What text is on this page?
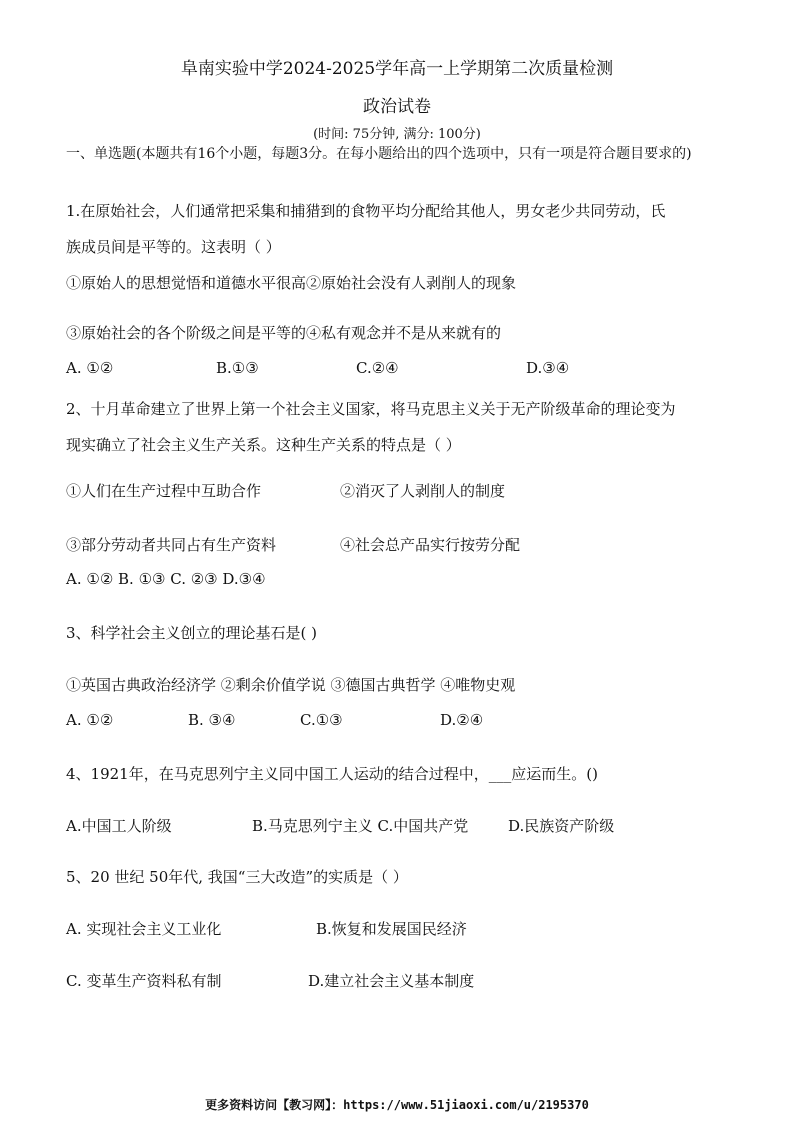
阜南实验中学2024-2025学年高一上学期第二次质量检测
政治试卷
(时间: 75分钟, 满分: 100分)
一、单选题(本题共有16个小题，每题3分。在每小题给出的四个选项中，只有一项是符合题目要求的)
1.在原始社会，人们通常把采集和捕猎到的食物平均分配给其他人，男女老少共同劳动，氏
族成员间是平等的。这表明（ ）
①原始人的思想觉悟和道德水平很高②原始社会没有人剥削人的现象
③原始社会的各个阶级之间是平等的④私有观念并不是从来就有的
A. ①②	B.①③	C.②④	D.③④
2、十月革命建立了世界上第一个社会主义国家，将马克思主义关于无产阶级革命的理论变为
现实确立了社会主义生产关系。这种生产关系的特点是（ ）
①人们在生产过程中互助合作	②消灭了人剥削人的制度
③部分劳动者共同占有生产资料	④社会总产品实行按劳分配
A. ①② B. ①③ C. ②③ D.③④
3、科学社会主义创立的理论基石是( )
①英国古典政治经济学 ②剩余价值学说 ③德国古典哲学 ④唯物史观
A. ①②	B. ③④	C.①③	D.②④
4、1921年，在马克思列宁主义同中国工人运动的结合过程中，___应运而生。()
A.中国工人阶级	B.马克思列宁主义 C.中国共产党	D.民族资产阶级
5、20 世纪 50年代, 我国“三大改造”的实质是（ ）
A. 实现社会主义工业化	B.恢复和发展国民经济
C. 变革生产资料私有制	D.建立社会主义基本制度
更多资料访问【教习网】：https://www.51jiaoxi.com/u/2195370
